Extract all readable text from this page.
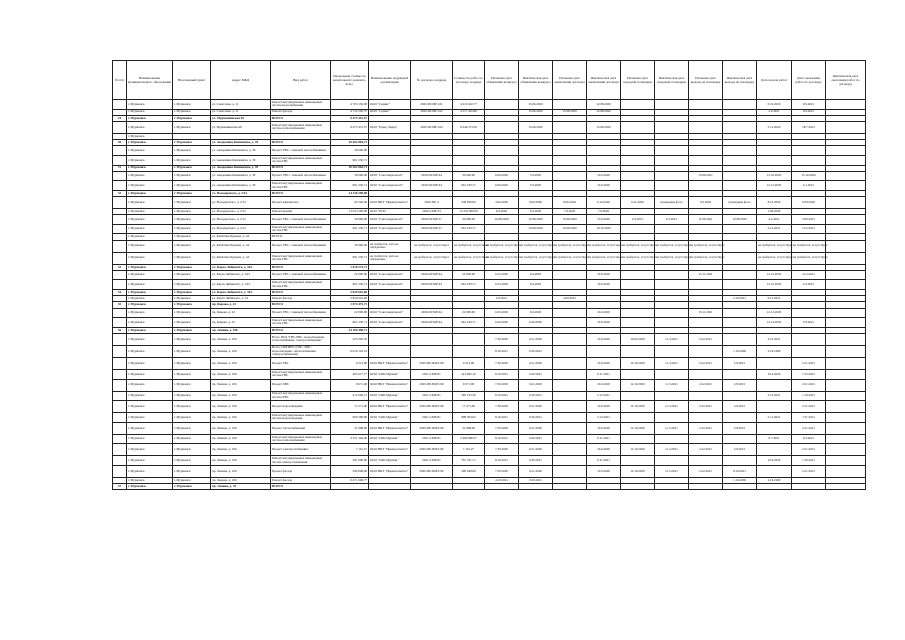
№ п/п	Наименование муниципального образования	Населенный пункт	Адрес МКД	Вид работ	Предельная стоимость капитального ремонта, всего	Наименование подрядной организации	№ договора подряда	Стоимость работ по договору подряда	Плановая дата объявления конкурса	Фактическая дата объявления конкурса	Плановая дата заключения договора	Фактическая дата заключения договора	Плановая дата передачи площадки	Фактическая дата передачи площадки	Плановая дата выхода на площадку	Фактическая дата выхода на площадку	Дата начала работ	Дата окончания работ по договору	Фактическая дата окончания работ по договору	
	г. Мурманск	г. Мурманск	ул. Советская, д. 11	Ремонт внутридомовых инженерных систем водоснабжения	4 763 156,00	ООО "Сервис"	2020-ПСМР-101	4 210 410,77		15.06.2020		12.08.2020					01.9.2020	9.9.2021		
	г. Мурманск	г. Мурманск	ул. Советская, д. 11	Ремонт фасада	4 712 295,57	ООО "Сервис"	2020-ПСМР-102	4 517 425,86		15.06.2020	15.08.2020	12.08.2020					2.2.2021	9.9.2021		
24	г. Мурманск	г. Мурманск	ул. Мурмашинская 49	ВСЕГО	9 475 451,57															
	г. Мурманск	г. Мурманск	ул. Мурмашинская 49	Ремонт внутридомовых инженерных систем теплоснабжения	9 475 451,57	ООО "Гранд Лидер"	2020-ПСМР-104	8 244 273,56		15.06.2020		15.09.2020					5.11.2020	18.7.2021		
	г. Мурманск																			
30	г. Мурманск	г. Мурманск	ул. Академика Книповича, д. 39	ВСЕГО	10 362 864,71															
	г. Мурманск	г. Мурманск	ул. Академика Книповича, д. 39	Проект ГВС с заменой теплообменника	30 000,00															
	г. Мурманск	г. Мурманск	ул. Академика Книповича, д. 39	Ремонт внутридомовых инженерных систем ГВС	961 230,71															
31	г. Мурманск	г. Мурманск	ул. Академика Книповича, д. 39	ВСЕГО	10 362 864,71															
	г. Мурманск	г. Мурманск	ул. Академика Книповича, д. 39	Проект ГВС с заменой теплообменника	30 000,00	ООО "Союзэнергомонт"	2020-ПСМР-64	30 000,00	6.09.2020	5.9.2020		16.9.2020			15.09.2021		15.10.2020	15.10.2020		
	г. Мурманск	г. Мурманск	ул. Академика Книповича, д. 39	Ремонт внутридомовых инженерных систем ГВС	961 230,71	ООО "Союзэнергомонт"	2020-ПСМР-64	961 230,71	6.09.2020	5.9.2020		16.9.2020					12.12.2020	2.1.2021		
32	г. Мурманск	г. Мурманск	ул. Володарского, д. 2/12	ВСЕГО	14 120 298,00															
	г. Мурманск	г. Мурманск	ул. Володарского, д. 2/12	Проект капремонта	64 526,00	ООО НКЭ "Ирканалсинтез"	2020-ПР-4	238 920,00	3.06.2020	9.06.2020	9.06.2020	9.10.2020	9.11.2020	проведены фото	5.9.2020	проведены фото	8.10.2020	9.29.2020		
	г. Мурманск	г. Мурманск	ул. Володарского, д. 2/12	Ремонт крыши	13 633 200,00	ООО "РСК"	2020-СМР-33	13 232 000,00	6.9.2020	6.9.2020	7.9.2020	7.9.2020					1.09.2020			
	г. Мурманск	г. Мурманск	ул. Володарского, д. 2/12	Проект ГВС с заменой теплообменника	30 000,00	ООО "Союзэнергомонт"	2020-ПСМР-57	30 000,00	14.08.2020	12.08.2020	15.09.2020	15.9.2020	2.9.2021	4.5.2021	11.06.2021	13.08.2020	4.2.2021	2.09.2021		
	г. Мурманск	г. Мурманск	ул. Володарского, д. 2/12	Ремонт внутридомовых инженерных систем ГВС	961 230,71	ООО "Союзэнергомонт"	2020-ПСМР-57	961 230,71		13.09.2020	13.09.2020	16.12.2020					2.12.2021	15.2.2021		
	г. Мурманск	г. Мурманск	ул. Капитана Буркова, д. 44	ВСЕГО																
	г. Мурманск	г. Мурманск	ул. Капитана Буркова, д. 44	Проект ГВС с заменой теплообменника	30 000,00	не требуется, дата не определена	не требуется, отсутствует	не требуется, отсутствует	не требуется, отсутствует	не требуется, отсутствует	не требуется, отсутствует	не требуется, отсутствует	не требуется, отсутствует	не требуется, отсутствует	не требуется, отсутствует		не требуется, отсутствует	не требуется, отсутствует		
	г. Мурманск	г. Мурманск	ул. Капитана Буркова, д. 44	Ремонт внутридомовых инженерных систем ГВС	961 230,71	не требуется, дата не определена	не требуется, отсутствует	не требуется, отсутствует	не требуется, отсутствует	не требуется, отсутствует	не требуется, отсутствует	не требуется, отсутствует	не требуется, отсутствует	не требуется, отсутствует	не требуется, отсутствует		не требуется, отсутствует	не требуется, отсутствует		
33	г. Мурманск	г. Мурманск	ул. Карла Либкнехта, д. 34/1	ВСЕГО	1 018 274,71															
	г. Мурманск	г. Мурманск	ул. Карла Либкнехта, д. 34/1	Проект ГВС с заменой теплообменника	22 000,00	ООО "Союзэнергомонт"	2020-ПСМР-64	22 000,00	6.25.2020	6.9.2020		16.9.2020			15.11.2021		12.12.2020	12.2.2021		
	г. Мурманск	г. Мурманск	ул. Карла Либкнехта, д. 34/1	Ремонт внутридомовых инженерных систем ГВС	961 230,71	ООО "Союзэнергомонт"	2020-ПСМР-64	961 230,71	6.25.2020	6.9.2020		16.9.2020					12.12.2020	4.5.2021		
34	г. Мурманск	г. Мурманск	ул. Карла Либкнехта, д. 34/1	ВСЕГО	2 829 616,00															
	г. Мурманск	г. Мурманск	ул. Карла Либкнехта, д. 34	Ремонт фасада	2 829 616,00				4.9.2021		4.09.2021					2.10.2021	9.12.2021			
35	г. Мурманск	г. Мурманск	пр. Кирова, д. 22	ВСЕГО	1 074 475,71															
	г. Мурманск	г. Мурманск	пр. Кирова, д. 22	Проект ГВС с заменой теплообменника	22 000,00	ООО "Союзэнергомонт"	2020-ПСМР-64	22 000,00	6.25.2020	6.9.2020		16.9.2020			15.11.2021		12.12.2020			
	г. Мурманск	г. Мурманск	пр. Кирова, д. 22	Ремонт внутридомовых инженерных систем ГВС	961 230,71	ООО "Союзэнергомонт"	2020-ПСМР-64	961 230,71	6.29.2020	6.29.2020		16.9.2020					12.14.2020	2.8.2021		
36	г. Мурманск	г. Мурманск	пр. Ленина, д. 106	ВСЕГО	34 109 498,71															
	г. Мурманск	г. Мурманск	пр. Ленина, д. 106	Всего ПСД "ГВС,ХВС, водоотведение, теплоснабжение, электроснабжение"	223 295,52				7.30.2020	9.21.2020		16.9.2020	10.04.2020	11.3.2021	2.22.2021		2.21.2021			
	г. Мурманск	г. Мурманск	пр. Ленина, д. 106	Всего СМР ВИС (ГВС, ХВС, водоотведение, теплоснабжение, электроснабжение)	6 916 122,19				8.10.2021	9.30.2021						1.16.2006	2.19.1990			
	г. Мурманск	г. Мурманск	пр. Ленина, д. 106	Проект ГВС	9 213,00	ООО НКЭ "Ирканалсинтез"	2020-ПР-ПМЭ-99	9 213,00	7.30.2020	9.21.2020		16.9.2020	12.10.2020	11.3.2021	2.22.2021	2.8.2021		2.21.2021		
	г. Мурманск	г. Мурманск	пр. Ленина, д. 106	Ремонт внутридомовых инженерных систем ГВС	465 617,77	ООО "СКК Мурман"	2021-СМР-81	412 692,16	8.10.2021	9.30.2021		9.11.2021					10.4.2020	7.25.2021		
	г. Мурманск	г. Мурманск	пр. Ленина, д. 106	Проект ХВС	9 671,00	ООО НКЭ "Ирканалсинтез"	2020-ПР-ПМЭ-99	9 671,00	7.30.2020	9.21.2020		16.9.2020	12.10.2020	11.3.2021	2.22.2021	2.8.2021		2.21.2021		
	г. Мурманск	г. Мурманск	пр. Ленина, д. 106	Ремонт внутридомовых инженерных систем ХВС	412 006,15	ООО "СКК Мурман"	2021-СМР-81	395 193,36	8.10.2021	9.30.2021		2.12.2021					2.12.2021	1.19.2021		
	г. Мурманск	г. Мурманск	пр. Ленина, д. 106	Проект водоотведения	17 271,00	ООО НКЭ "Ирканалсинтез"	2020-ПР-ПМЭ-99	17 271,00	7.30.2020	9.21.2020		16.9.2020	12.10.2020	11.3.2021	2.22.2021	2.8.2021		2.21.2021		
	г. Мурманск	г. Мурманск	пр. Ленина, д. 106	Ремонт внутридомовых инженерных систем водоотведения	960 569,00	ООО "СКК Мурман"	2021-СМР-81	898 363,02	8.10.2021	9.30.2021		2.12.2021					5.11.2021	7.31.2021		
	г. Мурманск	г. Мурманск	пр. Ленина, д. 106	Проект теплоснабжения	31 098,00	ООО НКЭ "Ирканалсинтез"	2020-ПР-ПМЭ-99	31 098,00	7.30.2020	9.21.2020		16.9.2020	12.10.2020	11.3.2021	2.22.2021	2.8.2021		2.21.2021		
	г. Мурманск	г. Мурманск	пр. Ленина, д. 106	Ремонт внутридомовых инженерных систем теплоснабжения	3 551 364,00	ООО "СКК Мурман"	2021-СМР-81	3 499 866,57	8.10.2021	9.30.2021		8.11.2021					6.7.2021	9.3.2021		
	г. Мурманск	г. Мурманск	пр. Ленина, д. 106	Проект электроснабжения	7 161,27	ООО НКЭ "Ирканалсинтез"	2020-ПР-ПМЭ-99	7 161,27	7.30.2020	9.21.2020		16.9.2020	12.10.2020	11.3.2021	2.22.2021	2.8.2021		2.21.2021		
	г. Мурманск	г. Мурманск	пр. Ленина, д. 106	Ремонт внутридомовых инженерных систем электроснабжения	391 606,00	ООО "СКК Мурман"	2021-СМР-81	357 761,71	8.10.2021	9.30.2021		9.11.2021					10.4.2020	7.20.2021		
	г. Мурманск	г. Мурманск	пр. Ленина, д. 106	Проект фасада	299 048,00	ООО НКЭ "Ирканалсинтез"	2020-ПР-ПМЭ-99	299 048,00	7.30.2020	9.21.2020		16.9.2020	12.10.2020	11.3.2021	2.22.2021	8.19.2021		2.21.2021		
	г. Мурманск	г. Мурманск	пр. Ленина, д. 106	Ремонт фасада	6 471 606,77				4.19.2021	9.30.2021						1.16.2006	2.19.1990			
37	г. Мурманск	г. Мурманск	пр. Ленина, д. 70	ВСЕГО																
